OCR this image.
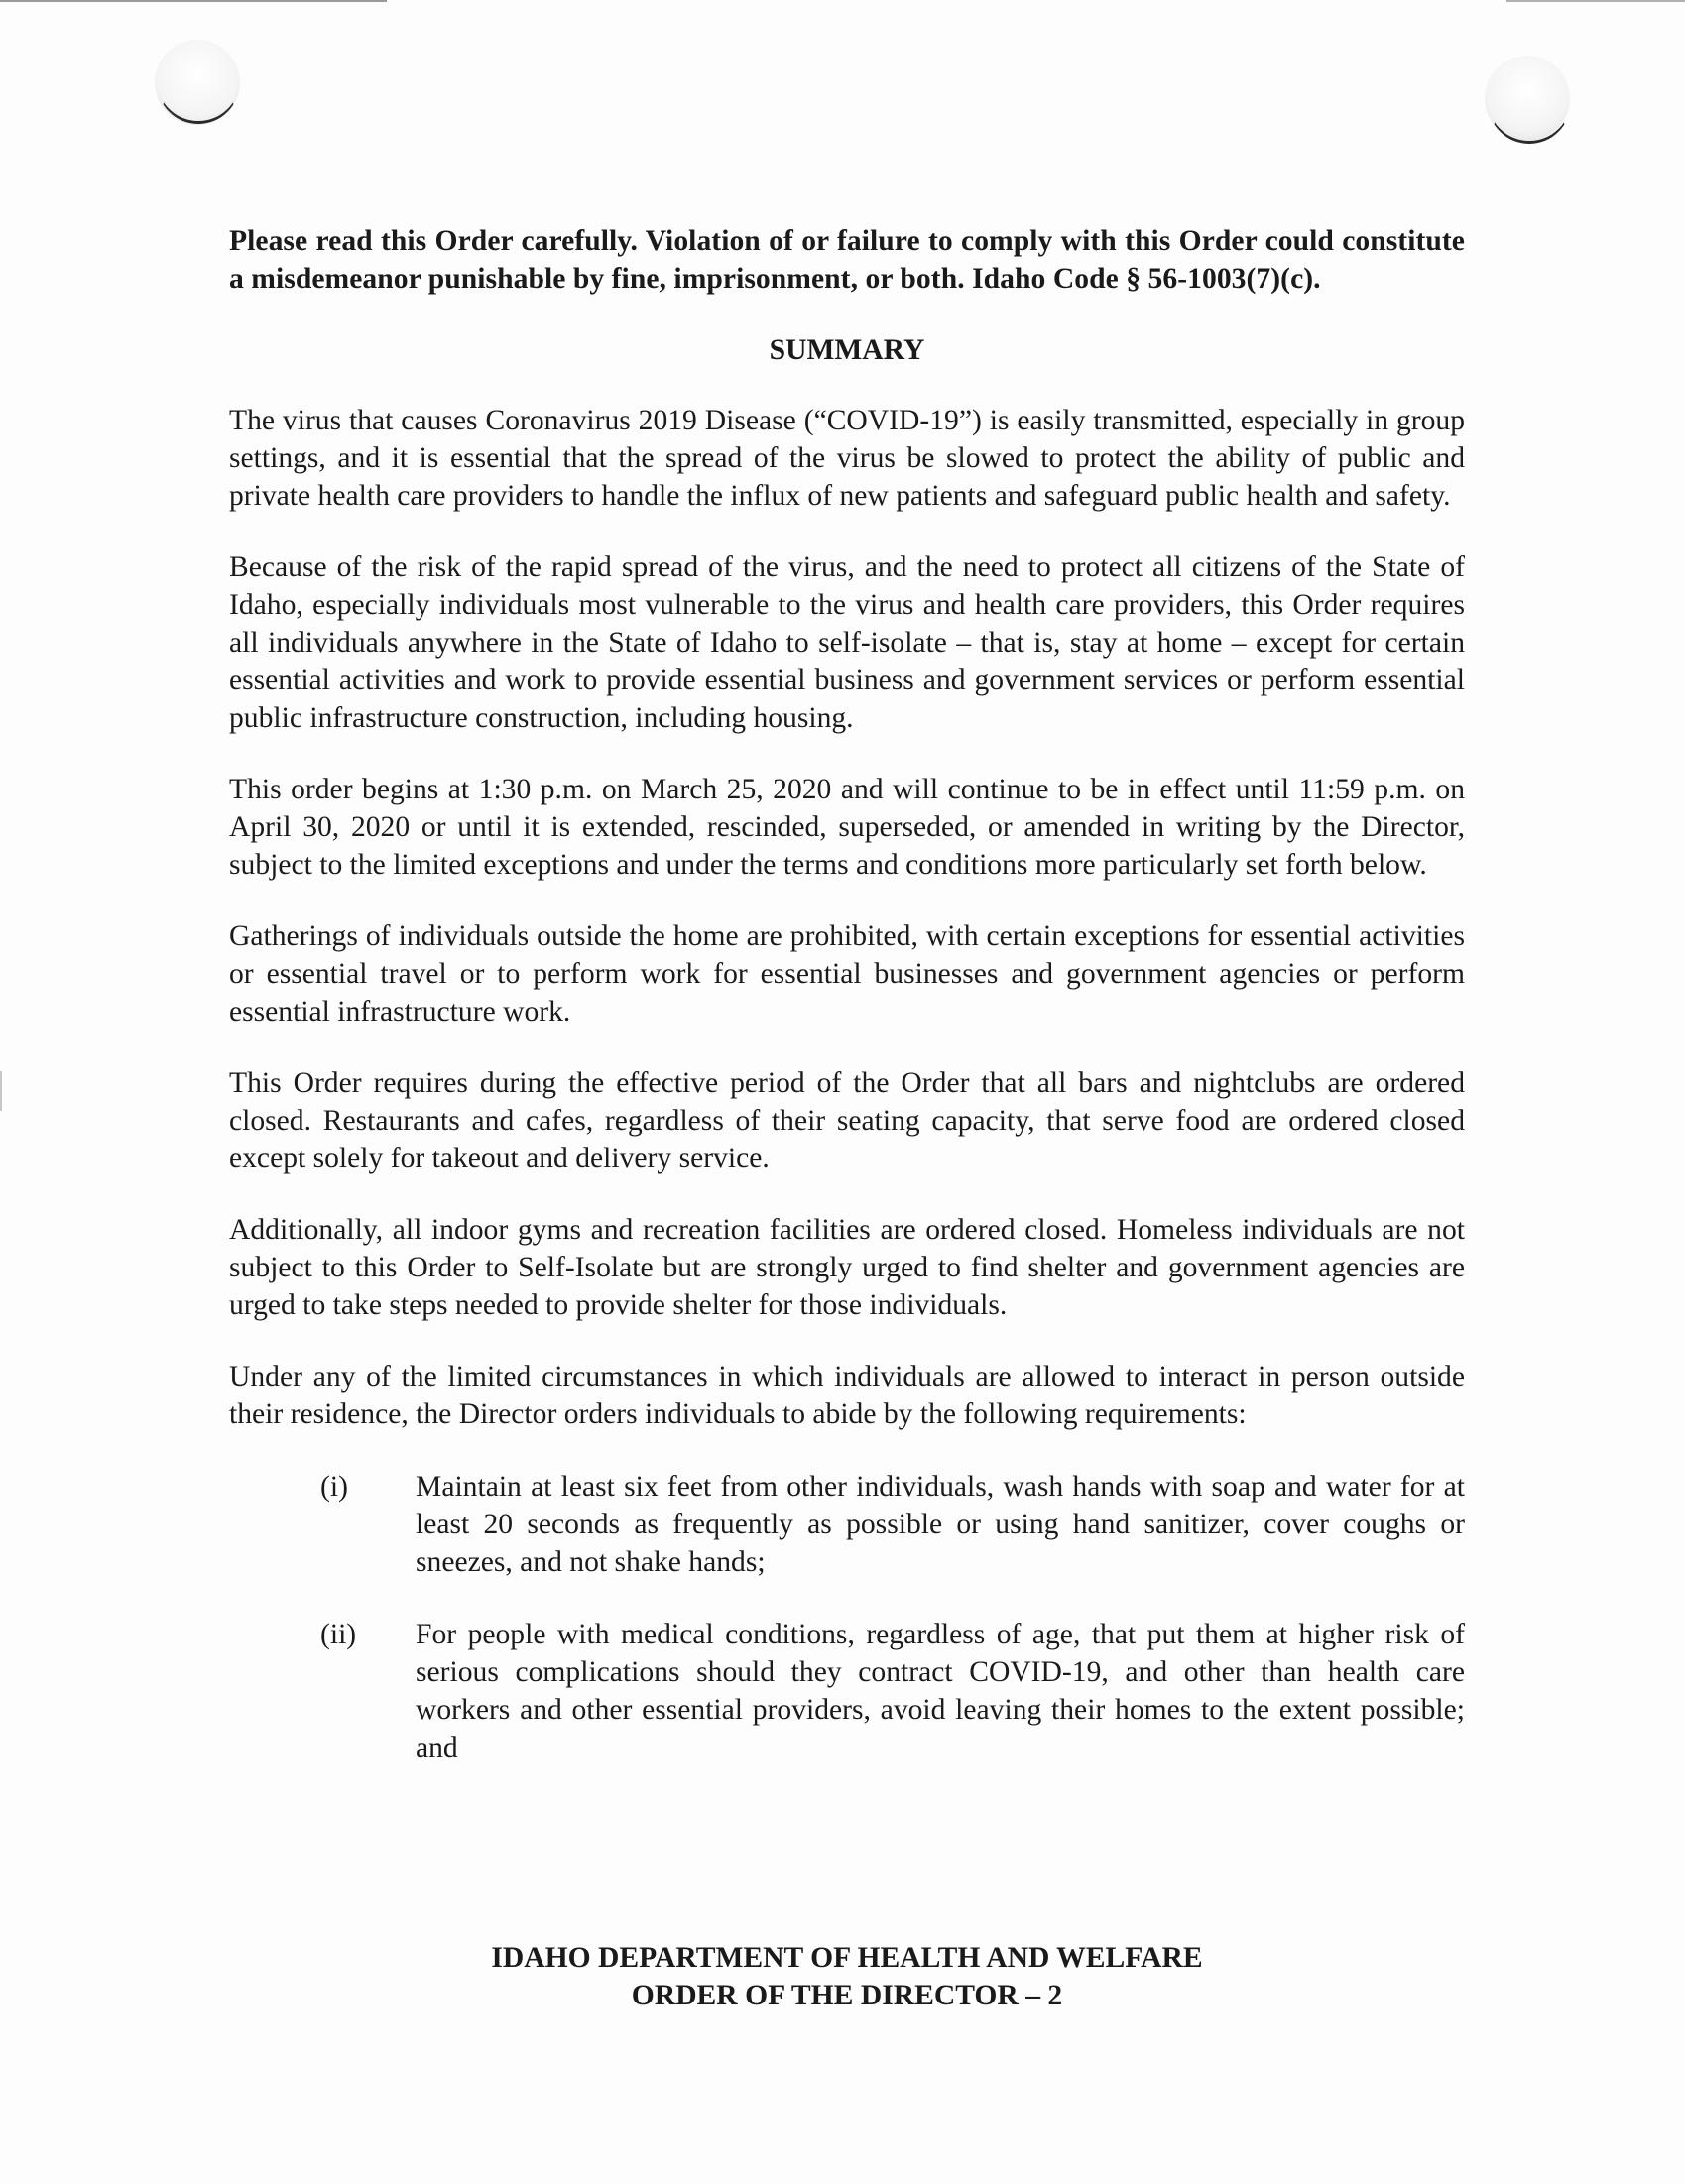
Please read this Order carefully. Violation of or failure to comply with this Order could constitute a misdemeanor punishable by fine, imprisonment, or both. Idaho Code § 56-1003(7)(c).

SUMMARY

The virus that causes Coronavirus 2019 Disease (“COVID-19”) is easily transmitted, especially in group settings, and it is essential that the spread of the virus be slowed to protect the ability of public and private health care providers to handle the influx of new patients and safeguard public health and safety.

Because of the risk of the rapid spread of the virus, and the need to protect all citizens of the State of Idaho, especially individuals most vulnerable to the virus and health care providers, this Order requires all individuals anywhere in the State of Idaho to self-isolate – that is, stay at home – except for certain essential activities and work to provide essential business and government services or perform essential public infrastructure construction, including housing.

This order begins at 1:30 p.m. on March 25, 2020 and will continue to be in effect until 11:59 p.m. on April 30, 2020 or until it is extended, rescinded, superseded, or amended in writing by the Director, subject to the limited exceptions and under the terms and conditions more particularly set forth below.

Gatherings of individuals outside the home are prohibited, with certain exceptions for essential activities or essential travel or to perform work for essential businesses and government agencies or perform essential infrastructure work.

This Order requires during the effective period of the Order that all bars and nightclubs are ordered closed. Restaurants and cafes, regardless of their seating capacity, that serve food are ordered closed except solely for takeout and delivery service.

Additionally, all indoor gyms and recreation facilities are ordered closed. Homeless individuals are not subject to this Order to Self-Isolate but are strongly urged to find shelter and government agencies are urged to take steps needed to provide shelter for those individuals.

Under any of the limited circumstances in which individuals are allowed to interact in person outside their residence, the Director orders individuals to abide by the following requirements:

(i)	Maintain at least six feet from other individuals, wash hands with soap and water for at least 20 seconds as frequently as possible or using hand sanitizer, cover coughs or sneezes, and not shake hands;
(ii)	For people with medical conditions, regardless of age, that put them at higher risk of serious complications should they contract COVID-19, and other than health care workers and other essential providers, avoid leaving their homes to the extent possible; and
IDAHO DEPARTMENT OF HEALTH AND WELFARE
ORDER OF THE DIRECTOR – 2
